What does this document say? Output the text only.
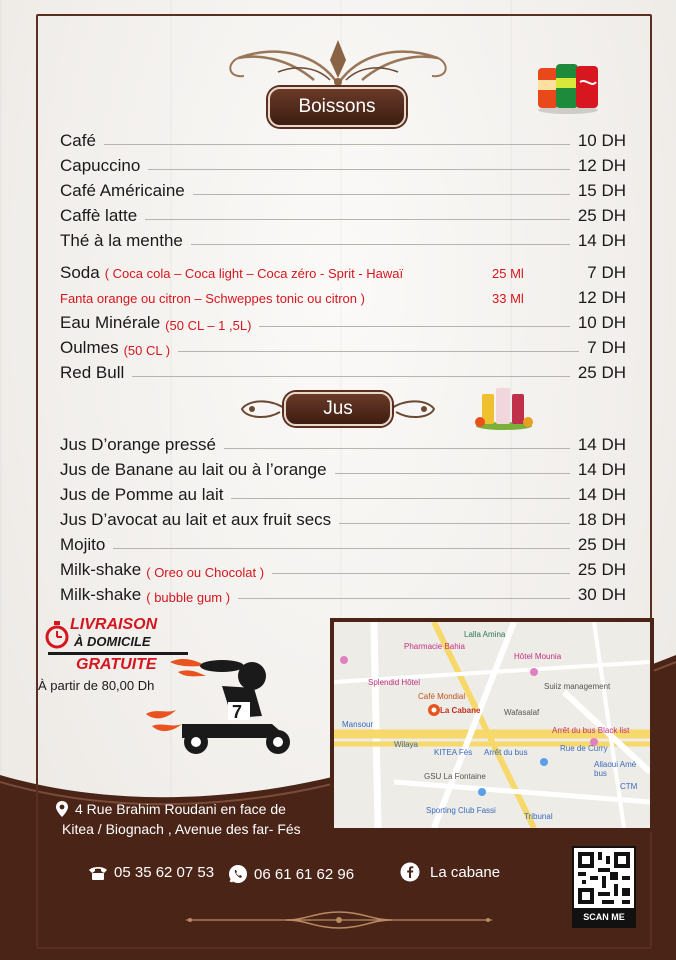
Boissons
Café	10 DH
Capuccino	12 DH
Café Américaine	15 DH
Caffè latte	25 DH
Thé à la menthe	14 DH
Soda ( Coca cola – Coca light – Coca zéro - Sprit - Hawaï	25 Ml	7 DH
Fanta orange ou citron – Schweppes tonic ou citron )	33 Ml	12 DH
Eau Minérale (50 CL – 1 ,5L)	10 DH
Oulmes (50 CL )	7 DH
Red Bull	25 DH
Jus
Jus D’orange pressé	14 DH
Jus de Banane au lait ou à l’orange	14 DH
Jus de Pomme au lait	14 DH
Jus D’avocat au lait et aux fruit secs	18 DH
Mojito	25 DH
Milk-shake ( Oreo ou Chocolat )	25 DH
Milk-shake ( bubble gum )	30 DH
LIVRAISON
À DOMICILE
GRATUITE
À partir de 80,00 Dh
7
Pharmacie Bahia
Lalla Amina
Hôtel Mounia
Suiiz management
Splendid Hôtel
Café Mondial
La Cabane
Mansour
Wilaya
KITEA Fès Arrêt du bus
GSU La Fontaine
Sporting Club Fassi
Rue de Curry
Allaoui Amé bus
CTM
Arrêt du bus Black list
Wafasalaf
Tribunal
4 Rue Brahim Roudani en face de
Kitea / Biognach , Avenue des far- Fés
05 35 62 07 53	06 61 61 62 96	La cabane
SCAN ME
